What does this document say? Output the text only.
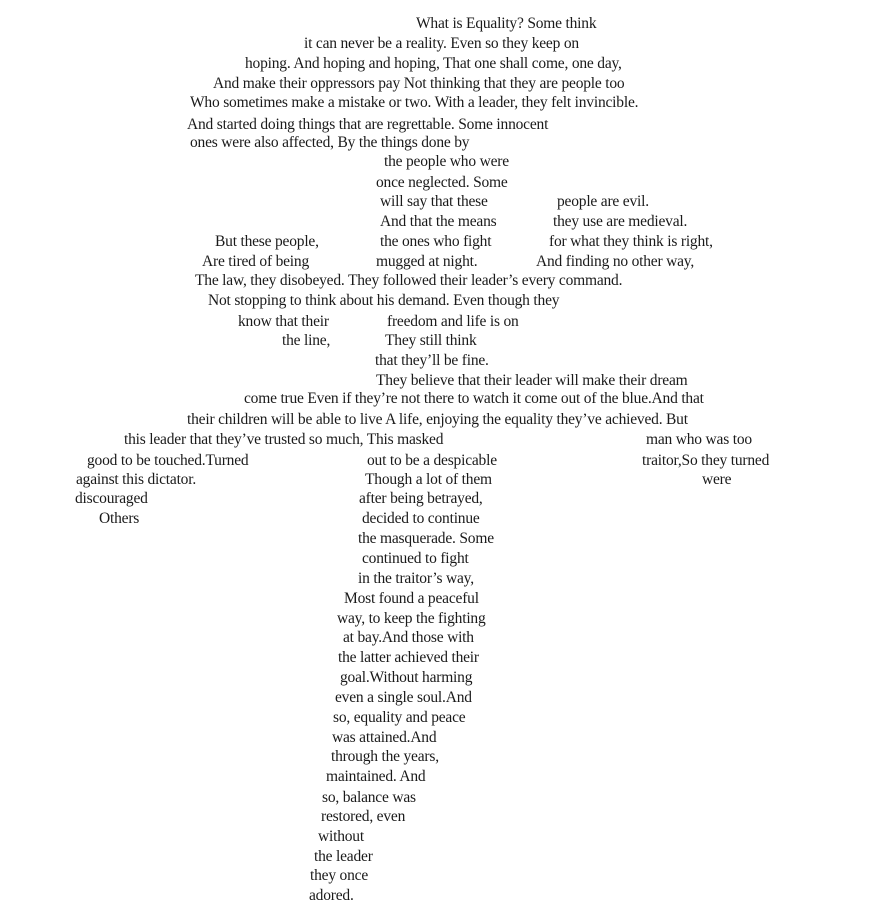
What is Equality? Some think
it can never be a reality. Even so they keep on
hoping. And hoping and hoping, That one shall come, one day,
And make their oppressors pay Not thinking that they are people too
Who sometimes make a mistake or two. With a leader, they felt invincible.
And started doing things that are regrettable. Some innocent
ones were also affected, By the things done by
the people who were
once neglected. Some
will say that these	people are evil.
And that the means	they use are medieval.
But these people,	the ones who fight	for what they think is right,
Are tired of being	mugged at night.	And finding no other way,
The law, they disobeyed. They followed their leader’s every command.
Not stopping to think about his demand. Even though they
know that their	freedom and life is on
the line,	They still think
that they’ll be fine.
They believe that their leader will make their dream
come true Even if they’re not there to watch it come out of the blue.And that
their children will be able to live A life, enjoying the equality they’ve achieved. But
this leader that they’ve trusted so much, This masked	man who was too
good to be touched.Turned	out to be a despicable	traitor,So they turned
against this dictator.	Though a lot of them	were
discouraged	after being betrayed,
Others	decided to continue
the masquerade. Some
continued to fight
in the traitor’s way,
Most found a peaceful
way, to keep the fighting
at bay.And those with
the latter achieved their
goal.Without harming
even a single soul.And
so, equality and peace
was attained.And
through the years,
maintained. And
so, balance was
restored, even
without
the leader
they once
adored.
